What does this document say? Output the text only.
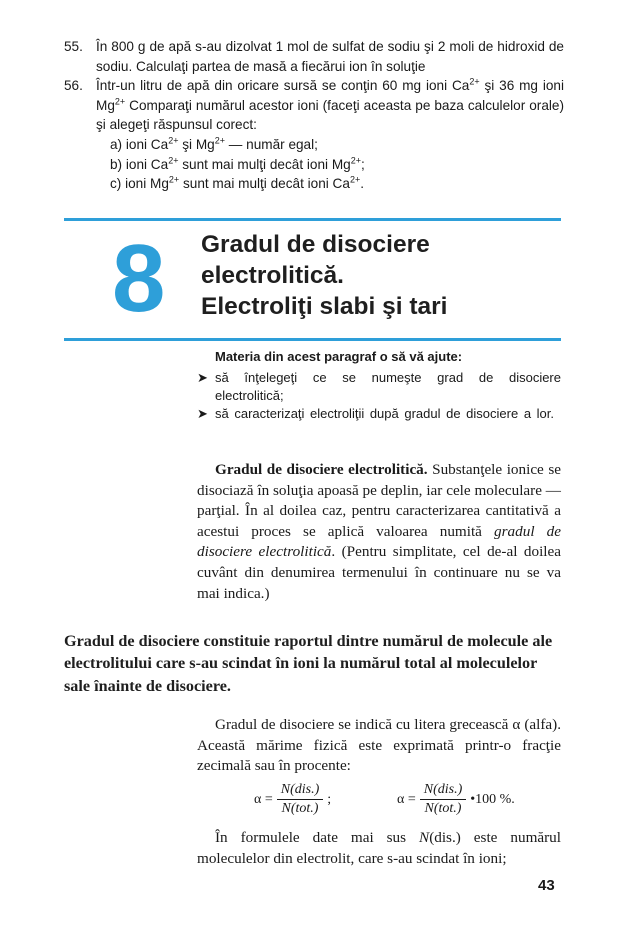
55. În 800 g de apă s-au dizolvat 1 mol de sulfat de sodiu şi 2 moli de hidroxid de sodiu. Calculaţi partea de masă a fiecărui ion în soluţie
56. Într-un litru de apă din oricare sursă se conţin 60 mg ioni $Ca^{2+}$ şi 36 mg ioni $Mg^{2+}$ Comparaţi numărul acestor ioni (faceţi aceasta pe baza calculelor orale) şi alegeţi răspunsul corect:
a) ioni $Ca^{2+}$ şi $Mg^{2+}$ — număr egal;
b) ioni $Ca^{2+}$ sunt mai mulţi decât ioni $Mg^{2+}$;
c) ioni $Mg^{2+}$ sunt mai mulţi decât ioni $Ca^{2+}$.
8 Gradul de disociere
electrolitică.
Electroliţi slabi şi tari
Materia din acest paragraf o să vă ajute:
➤ să înţelegeţi ce se numeşte grad de disociere electrolitică;
➤ să caracterizaţi electroliţii după gradul de disociere a lor.
Gradul de disociere electrolitică. Substanţele ionice se disociază în soluţia apoasă pe deplin, iar cele moleculare — parţial. În al doilea caz, pentru caracterizarea cantitativă a acestui proces se aplică valoarea numită gradul de disociere electrolitică. (Pentru simplitate, cel de-al doilea cuvânt din denumirea termenului în continuare nu se va mai indica.)
Gradul de disociere constituie raportul dintre numărul de molecule ale electrolitului care s-au scindat în ioni la numărul total al moleculelor sale înainte de disociere.
Gradul de disociere se indică cu litera grecească α (alfa). Această mărime fizică este exprimată printr-o fracţie zecimală sau în procente:
$\alpha = \frac{\text{N(dis.)}}{\text{N(tot.)}}$ ;	$\alpha = \frac{\text{N(dis.)}}{\text{N(tot.)}}$ •100 %.
În formulele date mai sus N(dis.) este numărul moleculelor din electrolit, care s-au scindat în ioni;
43
